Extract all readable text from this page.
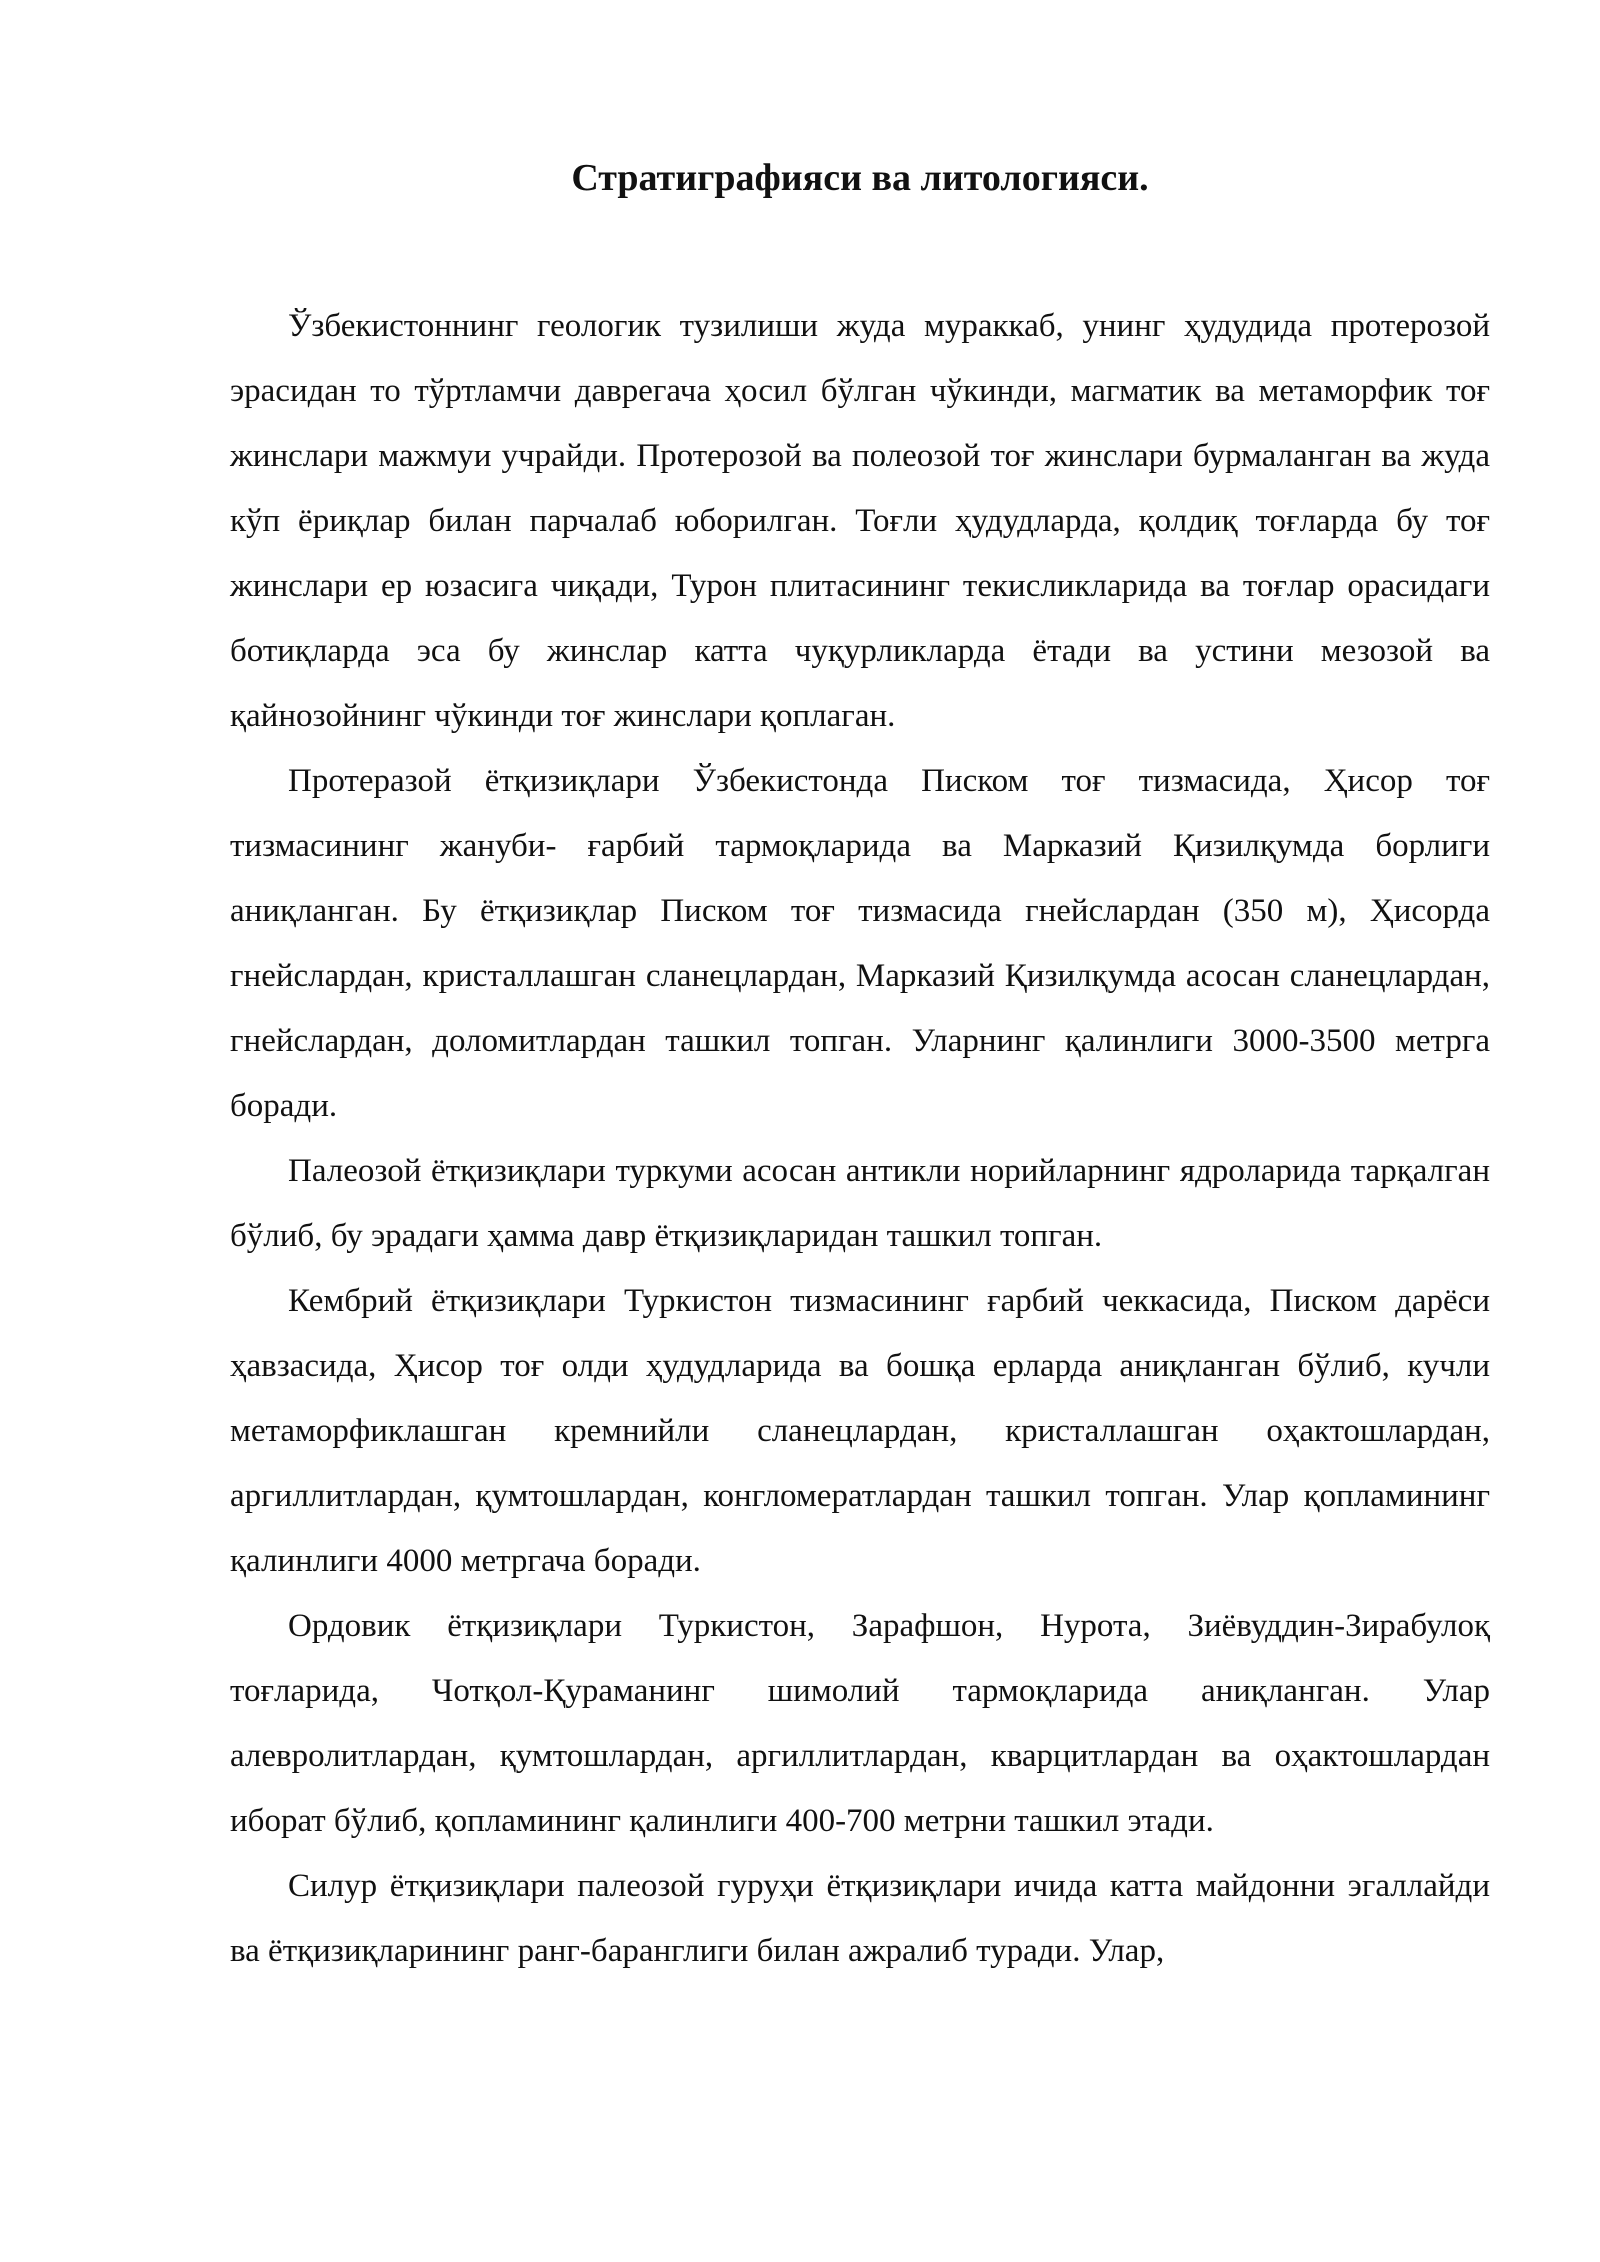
Стратиграфияси ва литологияси.

Ўзбекистоннинг геологик тузилиши жуда мураккаб, унинг ҳудудида протерозой эрасидан то тўртламчи даврегача ҳосил бўлган чўкинди, магматик ва метаморфик тоғ жинслари мажмуи учрайди. Протерозой ва полеозой тоғ жинслари бурмаланган ва жуда кўп ёриқлар билан парчалаб юборилган. Тоғли ҳудудларда, қолдиқ тоғларда бу тоғ жинслари ер юзасига чиқади, Турон плитасининг текисликларида ва тоғлар орасидаги ботиқларда эса бу жинслар катта чуқурликларда ётади ва устини мезозой ва қайнозойнинг чўкинди тоғ жинслари қоплаган.

Протеразой ётқизиқлари Ўзбекистонда Писком тоғ тизмасида, Ҳисор тоғ тизмасининг жануби- ғарбий тармоқларида ва Марказий Қизилқумда борлиги аниқланган. Бу ётқизиқлар Писком тоғ тизмасида гнейслардан (350 м), Ҳисорда гнейслардан, кристаллашган сланецлардан, Марказий Қизилқумда асосан сланецлардан, гнейслардан, доломитлардан ташкил топган. Уларнинг қалинлиги 3000-3500 метрга боради.

Палеозой ётқизиқлари туркуми асосан антикли норийларнинг ядроларида тарқалган бўлиб, бу эрадаги ҳамма давр ётқизиқларидан ташкил топган.

Кембрий ётқизиқлари Туркистон тизмасининг ғарбий чеккасида, Писком дарёси ҳавзасида, Ҳисор тоғ олди ҳудудларида ва бошқа ерларда аниқланган бўлиб, кучли метаморфиклашган кремнийли сланецлардан, кристаллашган оҳактошлардан, аргиллитлардан, қумтошлардан, конгломератлардан ташкил топган. Улар қопламининг қалинлиги 4000 метргача боради.

Ордовик ётқизиқлари Туркистон, Зарафшон, Нурота, Зиёвуддин-Зирабулоқ тоғларида, Чотқол-Қураманинг шимолий тармоқларида аниқланган. Улар алевролитлардан, қумтошлардан, аргиллитлардан, кварцитлардан ва оҳактошлардан иборат бўлиб, қопламининг қалинлиги 400-700 метрни ташкил этади.

Силур ётқизиқлари палеозой гуруҳи ётқизиқлари ичида катта майдонни эгаллайди ва ётқизиқларининг ранг-баранглиги билан ажралиб туради. Улар,
